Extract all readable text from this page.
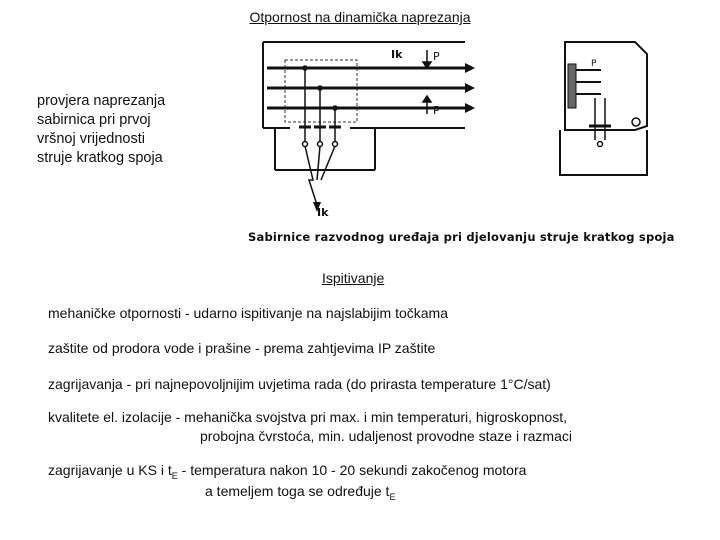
Otpornost na dinamička naprezanja
provjera naprezanja
sabirnica pri prvoj
vršnoj vrijednosti
struje kratkog spoja
Ik	P
P
Ik
P
Sabirnice razvodnog uređaja pri djelovanju struje kratkog spoja
Ispitivanje
mehaničke otpornosti - udarno ispitivanje na najslabijim točkama
zaštite od prodora vode i prašine - prema zahtjevima IP zaštite
zagrijavanja - pri najnepovoljnijim uvjetima rada (do prirasta temperature 1°C/sat)
kvalitete el. izolacije - mehanička svojstva pri max. i min temperaturi, higroskopnost,
probojna čvrstoća, min. udaljenost provodne staze i razmaci
zagrijavanje u KS i $t_E$ - temperatura nakon 10 - 20 sekundi zakočenog motora
a temeljem toga se određuje $t_E$
